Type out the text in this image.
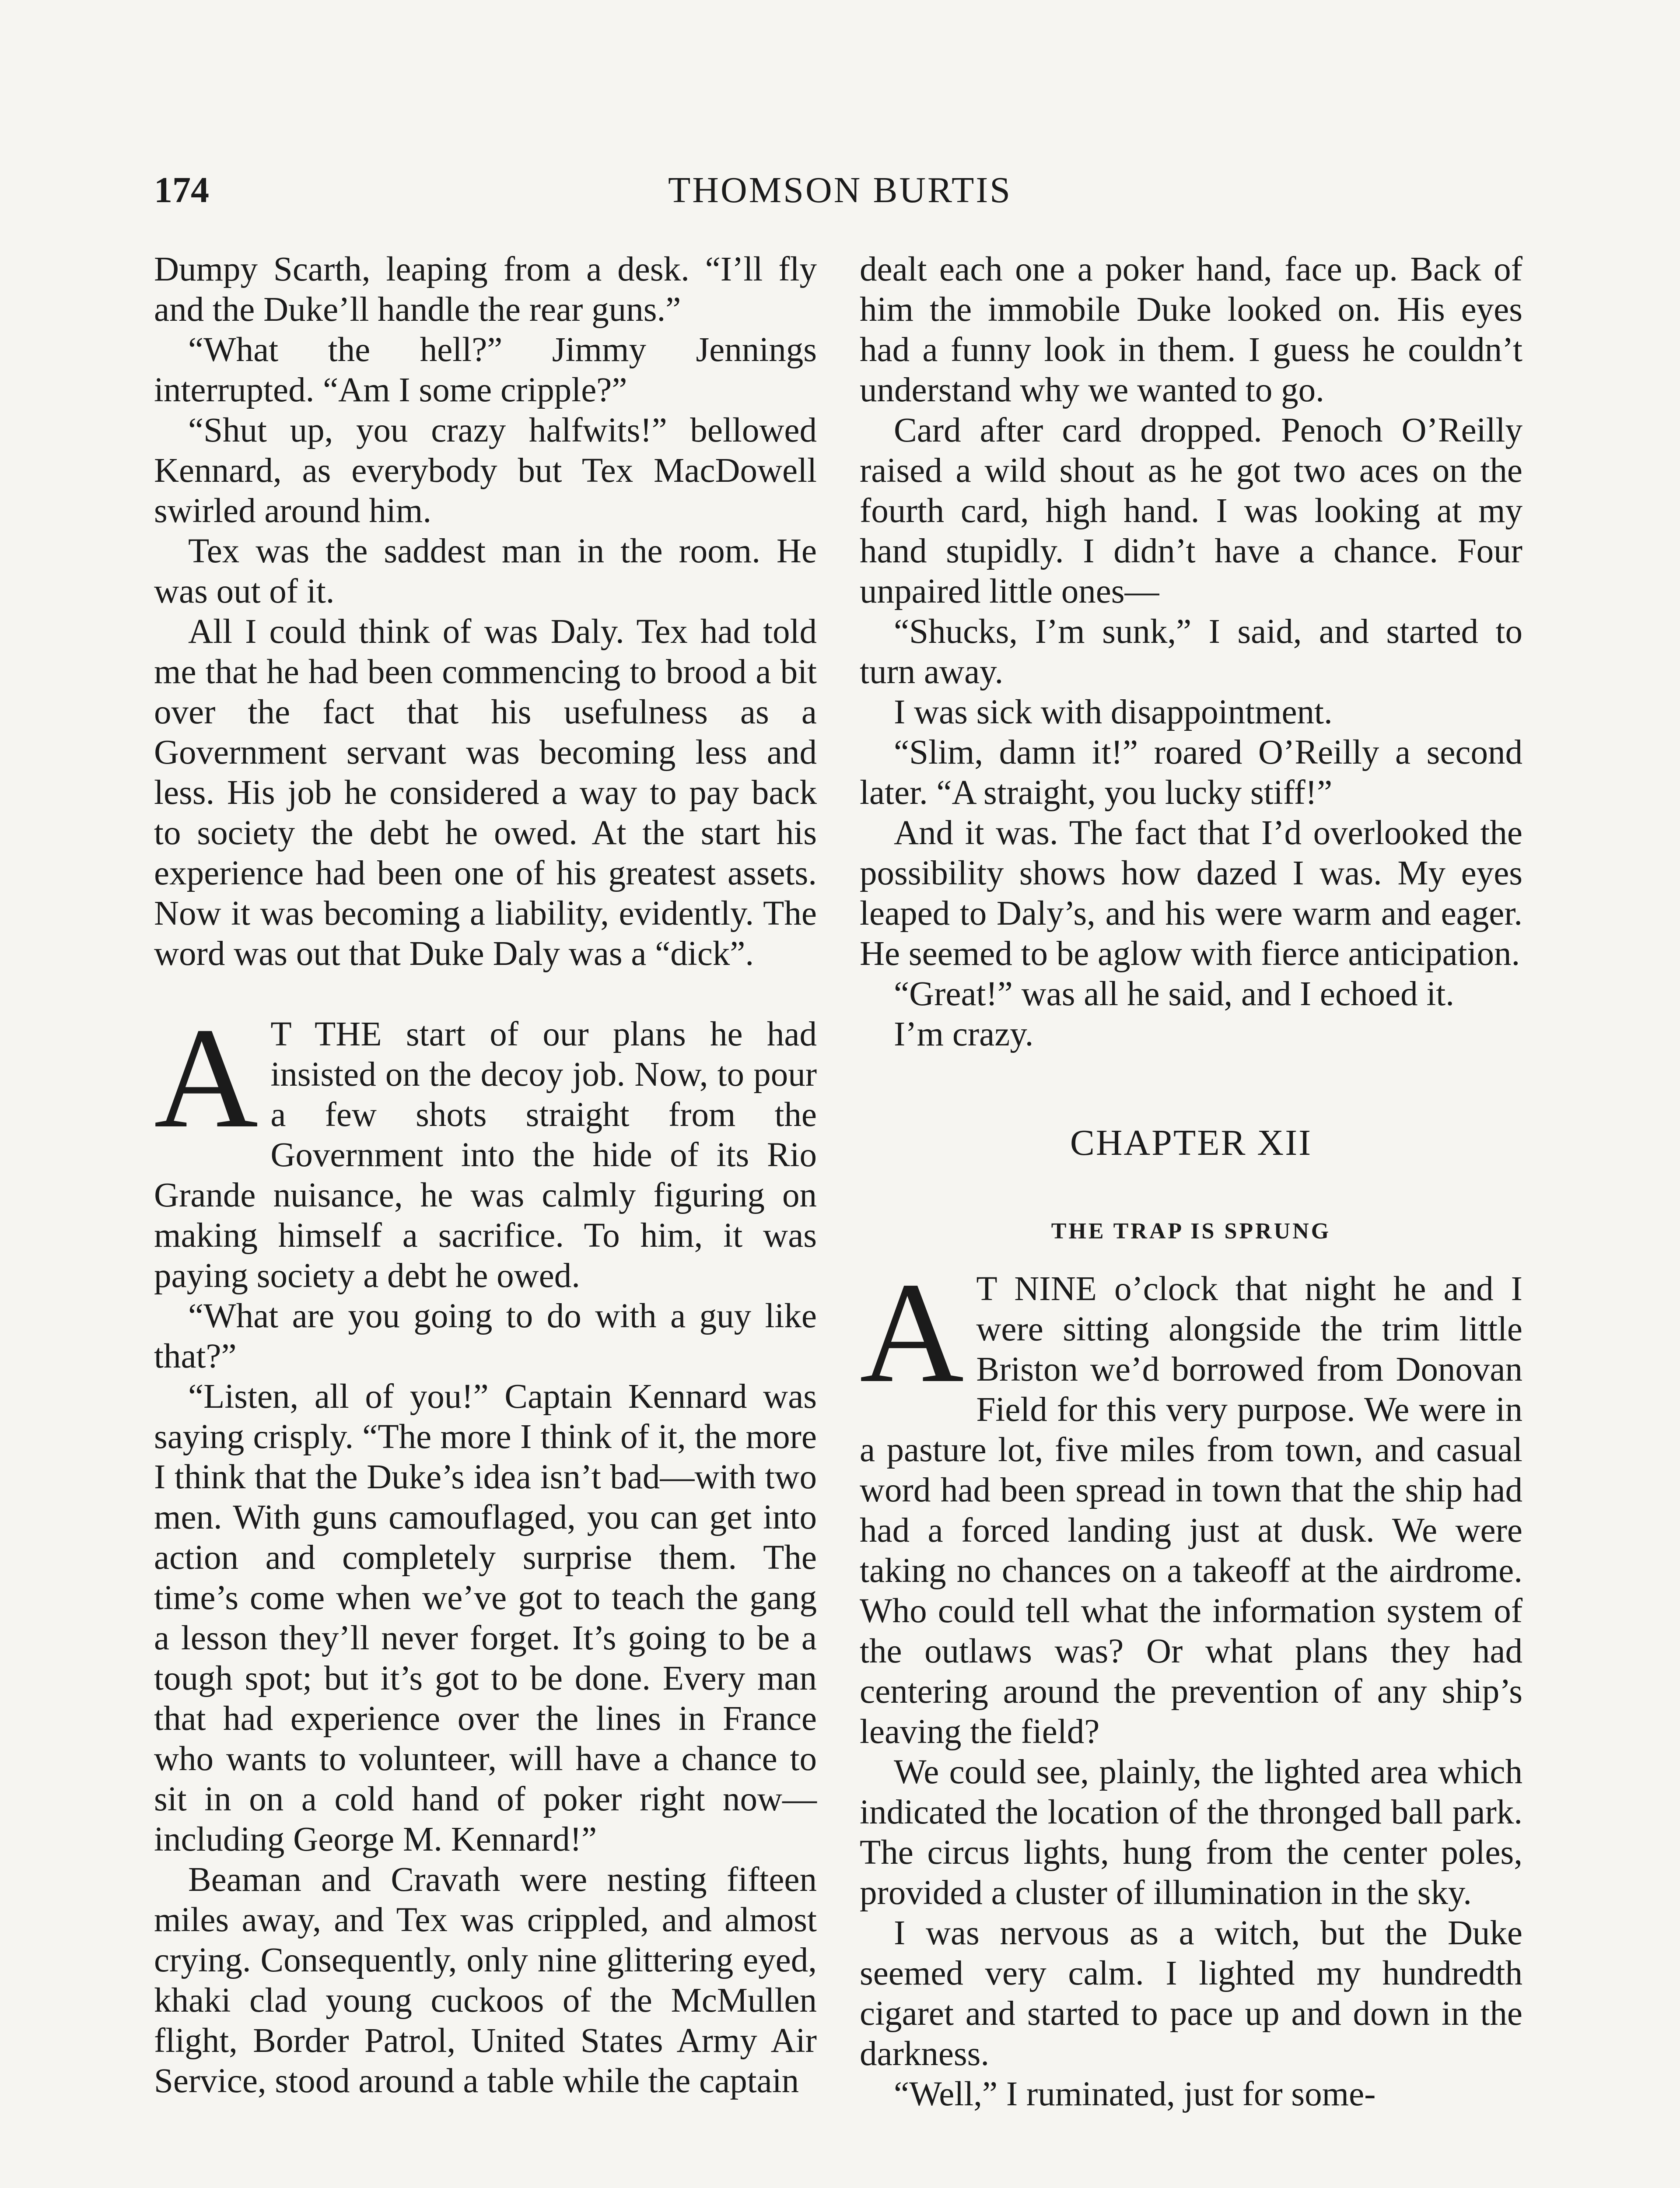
174	THOMSON BURTIS

Dumpy Scarth, leaping from a desk. “I’ll fly and the Duke’ll handle the rear guns.”

“What the hell?” Jimmy Jennings interrupted. “Am I some cripple?”

“Shut up, you crazy halfwits!” bellowed Kennard, as everybody but Tex MacDowell swirled around him.

Tex was the saddest man in the room. He was out of it.

All I could think of was Daly. Tex had told me that he had been commencing to brood a bit over the fact that his usefulness as a Government servant was becoming less and less. His job he considered a way to pay back to society the debt he owed. At the start his experience had been one of his greatest assets. Now it was becoming a liability, evidently. The word was out that Duke Daly was a “dick”.

A T THE start of our plans he had insisted on the decoy job. Now, to pour a few shots straight from the Government into the hide of its Rio Grande nuisance, he was calmly figuring on making himself a sacrifice. To him, it was paying society a debt he owed.

“What are you going to do with a guy like that?”

“Listen, all of you!” Captain Kennard was saying crisply. “The more I think of it, the more I think that the Duke’s idea isn’t bad—with two men. With guns camouflaged, you can get into action and completely surprise them. The time’s come when we’ve got to teach the gang a lesson they’ll never forget. It’s going to be a tough spot; but it’s got to be done. Every man that had experience over the lines in France who wants to volunteer, will have a chance to sit in on a cold hand of poker right now—including George M. Kennard!”

Beaman and Cravath were nesting fifteen miles away, and Tex was crippled, and almost crying. Consequently, only nine glittering eyed, khaki clad young cuckoos of the McMullen flight, Border Patrol, United States Army Air Service, stood around a table while the captain

dealt each one a poker hand, face up. Back of him the immobile Duke looked on. His eyes had a funny look in them. I guess he couldn’t understand why we wanted to go.

Card after card dropped. Penoch O’Reilly raised a wild shout as he got two aces on the fourth card, high hand. I was looking at my hand stupidly. I didn’t have a chance. Four unpaired little ones—

“Shucks, I’m sunk,” I said, and started to turn away.

I was sick with disappointment.

“Slim, damn it!” roared O’Reilly a second later. “A straight, you lucky stiff!”

And it was. The fact that I’d overlooked the possibility shows how dazed I was. My eyes leaped to Daly’s, and his were warm and eager. He seemed to be aglow with fierce anticipation.

“Great!” was all he said, and I echoed it.

I’m crazy.

CHAPTER XII
THE TRAP IS SPRUNG

A T NINE o’clock that night he and I were sitting alongside the trim little Briston we’d borrowed from Donovan Field for this very purpose. We were in a pasture lot, five miles from town, and casual word had been spread in town that the ship had had a forced landing just at dusk. We were taking no chances on a takeoff at the airdrome. Who could tell what the information system of the outlaws was? Or what plans they had centering around the prevention of any ship’s leaving the field?

We could see, plainly, the lighted area which indicated the location of the thronged ball park. The circus lights, hung from the center poles, provided a cluster of illumination in the sky.

I was nervous as a witch, but the Duke seemed very calm. I lighted my hundredth cigaret and started to pace up and down in the darkness.

“Well,” I ruminated, just for some-
